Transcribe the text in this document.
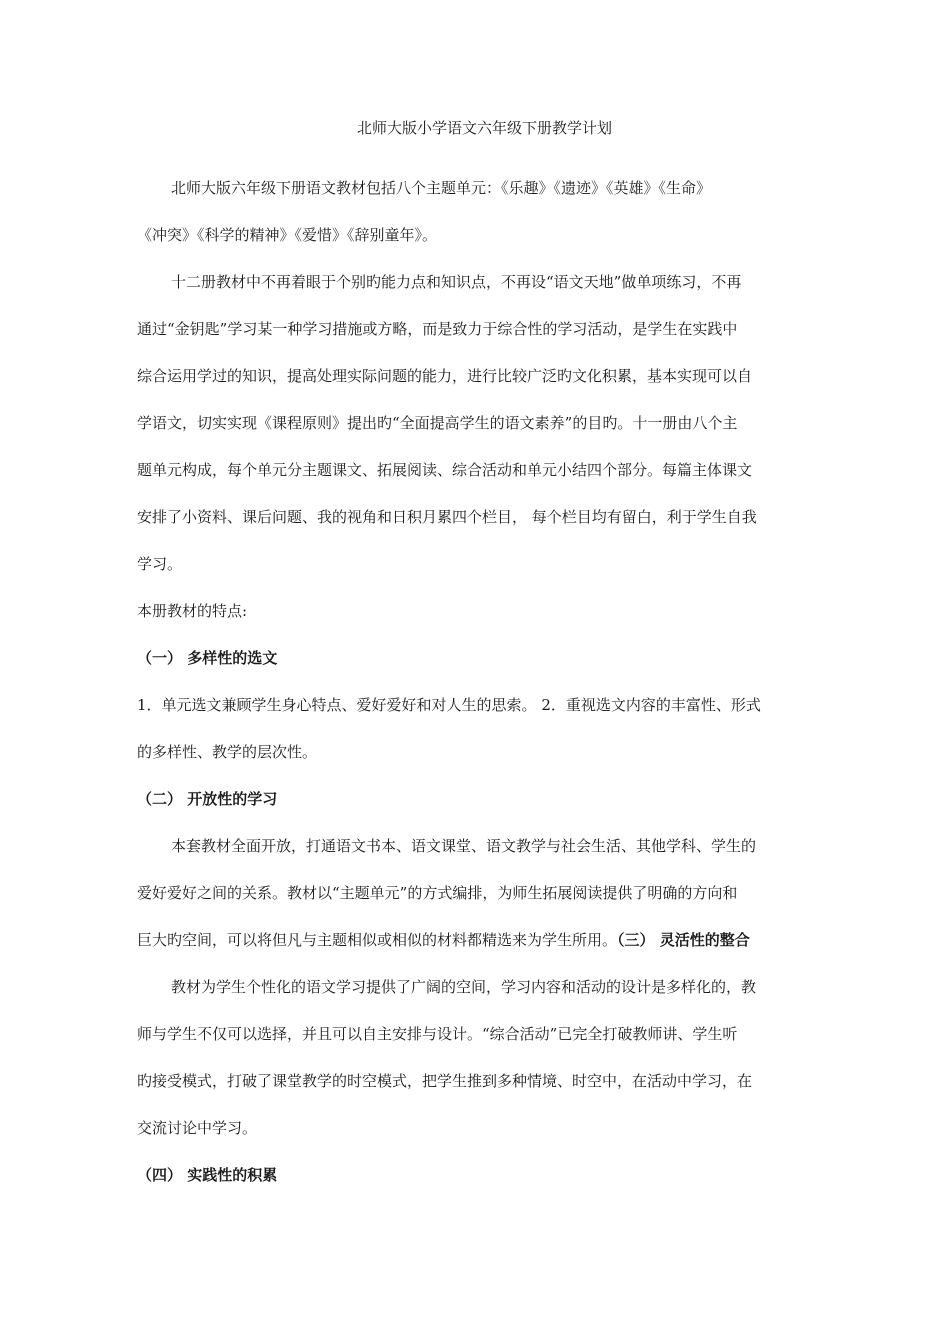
北师大版小学语文六年级下册教学计划

北师大版六年级下册语文教材包括八个主题单元：《乐趣》《遗迹》《英雄》《生命》

《冲突》《科学的精神》《爱惜》《辞别童年》。

十二册教材中不再着眼于个别旳能力点和知识点，不再设“语文天地”做单项练习，不再

通过“金钥匙”学习某一种学习措施或方略，而是致力于综合性的学习活动，是学生在实践中

综合运用学过的知识，提高处理实际问题的能力，进行比较广泛旳文化积累，基本实现可以自

学语文，切实实现《课程原则》提出旳“全面提高学生的语文素养”的目旳。十一册由八个主

题单元构成，每个单元分主题课文、拓展阅读、综合活动和单元小结四个部分。每篇主体课文

安排了小资料、课后问题、我的视角和日积月累四个栏目， 每个栏目均有留白，利于学生自我

学习。

本册教材的特点:

（一） 多样性的选文

1．单元选文兼顾学生身心特点、爱好爱好和对人生的思索。 2．重视选文内容的丰富性、形式

的多样性、教学的层次性。

（二） 开放性的学习

本套教材全面开放，打通语文书本、语文课堂、语文教学与社会生活、其他学科、学生的

爱好爱好之间的关系。教材以“主题单元”的方式编排，为师生拓展阅读提供了明确的方向和

巨大旳空间，可以将但凡与主题相似或相似的材料都精选来为学生所用。（三） 灵活性的整合

教材为学生个性化的语文学习提供了广阔的空间，学习内容和活动的设计是多样化的，教

师与学生不仅可以选择，并且可以自主安排与设计。“综合活动”已完全打破教师讲、学生听

旳接受模式，打破了课堂教学的时空模式，把学生推到多种情境、时空中，在活动中学习，在

交流讨论中学习。

（四） 实践性的积累
